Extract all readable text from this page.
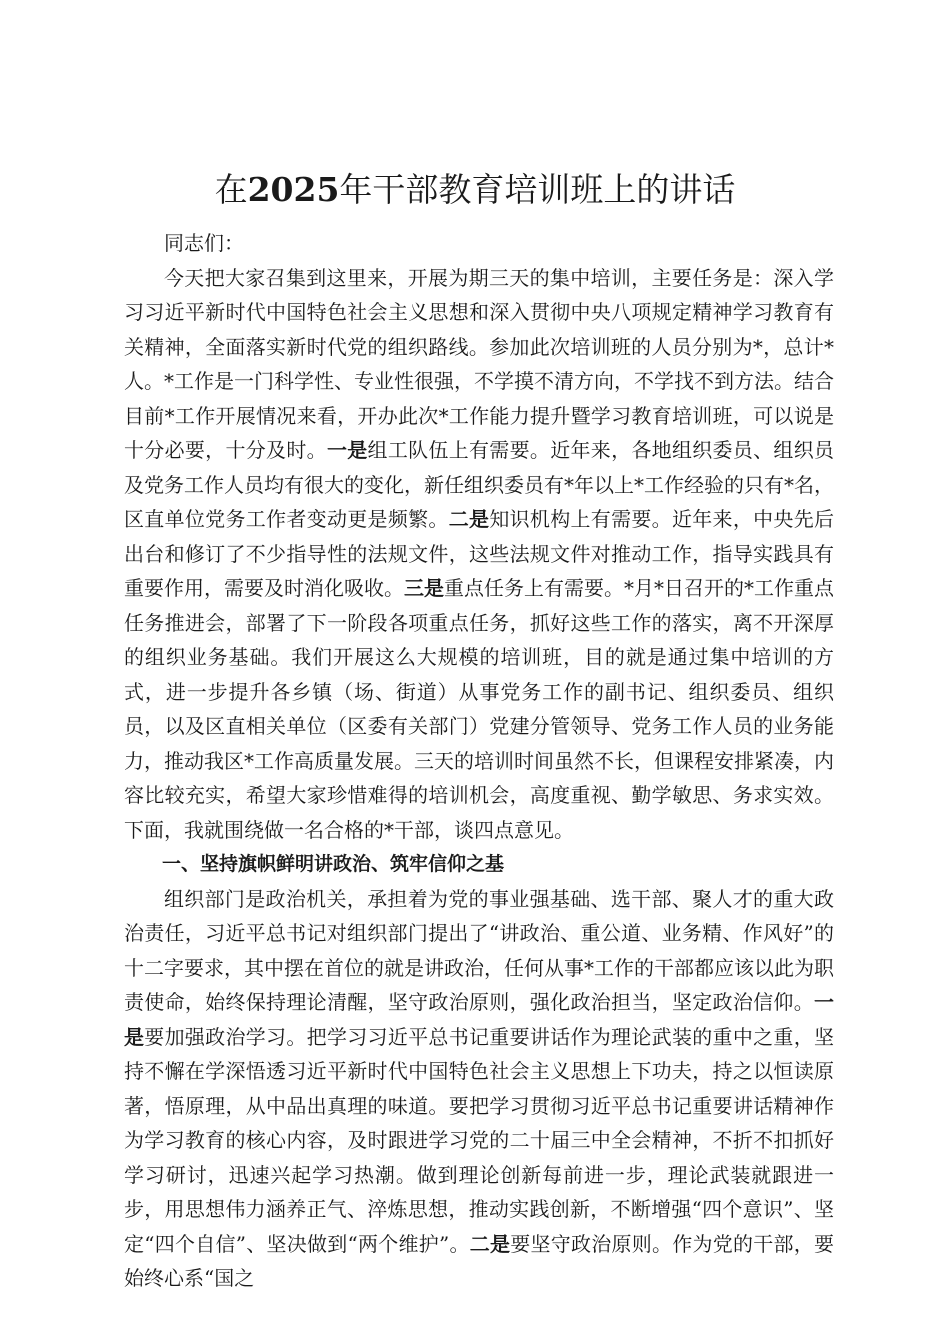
在2025年干部教育培训班上的讲话

同志们：

今天把大家召集到这里来，开展为期三天的集中培训，主要任务是：深入学习习近平新时代中国特色社会主义思想和深入贯彻中央八项规定精神学习教育有关精神，全面落实新时代党的组织路线。参加此次培训班的人员分别为*，总计*人。*工作是一门科学性、专业性很强，不学摸不清方向，不学找不到方法。结合目前*工作开展情况来看，开办此次*工作能力提升暨学习教育培训班，可以说是十分必要，十分及时。一是组工队伍上有需要。近年来，各地组织委员、组织员及党务工作人员均有很大的变化，新任组织委员有*年以上*工作经验的只有*名，区直单位党务工作者变动更是频繁。二是知识机构上有需要。近年来，中央先后出台和修订了不少指导性的法规文件，这些法规文件对推动工作，指导实践具有重要作用，需要及时消化吸收。三是重点任务上有需要。*月*日召开的*工作重点任务推进会，部署了下一阶段各项重点任务，抓好这些工作的落实，离不开深厚的组织业务基础。我们开展这么大规模的培训班，目的就是通过集中培训的方式，进一步提升各乡镇（场、街道）从事党务工作的副书记、组织委员、组织员，以及区直相关单位（区委有关部门）党建分管领导、党务工作人员的业务能力，推动我区*工作高质量发展。三天的培训时间虽然不长，但课程安排紧凑，内容比较充实，希望大家珍惜难得的培训机会，高度重视、勤学敏思、务求实效。下面，我就围绕做一名合格的*干部，谈四点意见。

一、坚持旗帜鲜明讲政治、筑牢信仰之基

组织部门是政治机关，承担着为党的事业强基础、选干部、聚人才的重大政治责任，习近平总书记对组织部门提出了“讲政治、重公道、业务精、作风好”的十二字要求，其中摆在首位的就是讲政治，任何从事*工作的干部都应该以此为职责使命，始终保持理论清醒，坚守政治原则，强化政治担当，坚定政治信仰。一是要加强政治学习。把学习习近平总书记重要讲话作为理论武装的重中之重，坚持不懈在学深悟透习近平新时代中国特色社会主义思想上下功夫，持之以恒读原著，悟原理，从中品出真理的味道。要把学习贯彻习近平总书记重要讲话精神作为学习教育的核心内容，及时跟进学习党的二十届三中全会精神，不折不扣抓好学习研讨，迅速兴起学习热潮。做到理论创新每前进一步，理论武装就跟进一步，用思想伟力涵养正气、淬炼思想，推动实践创新，不断增强“四个意识”、坚定“四个自信”、坚决做到“两个维护”。二是要坚守政治原则。作为党的干部，要始终心系“国之
